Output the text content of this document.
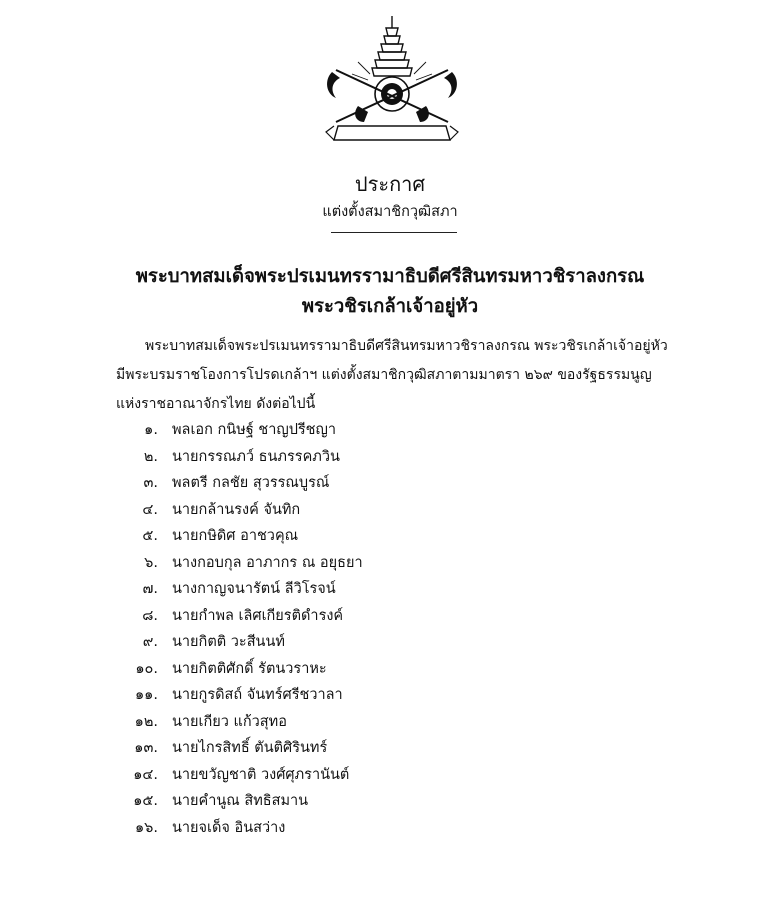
ประกาศ
แต่งตั้งสมาชิกวุฒิสภา
พระบาทสมเด็จพระปรเมนทรรามาธิบดีศรีสินทรมหาวชิราลงกรณ
พระวชิรเกล้าเจ้าอยู่หัว
พระบาทสมเด็จพระปรเมนทรรามาธิบดีศรีสินทรมหาวชิราลงกรณ พระวชิรเกล้าเจ้าอยู่หัว
มีพระบรมราชโองการโปรดเกล้าฯ แต่งตั้งสมาชิกวุฒิสภาตามมาตรา ๒๖๙ ของรัฐธรรมนูญ
แห่งราชอาณาจักรไทย ดังต่อไปนี้
๑. พลเอก กนิษฐ์ ชาญปรีชญา
๒. นายกรรณภว์ ธนภรรคภวิน
๓. พลตรี กลชัย สุวรรณบูรณ์
๔. นายกล้านรงค์ จันทิก
๕. นายกษิดิศ อาชวคุณ
๖. นางกอบกุล อาภากร ณ อยุธยา
๗. นางกาญจนารัตน์ ลีวิโรจน์
๘. นายกำพล เลิศเกียรติดำรงค์
๙. นายกิตติ วะสีนนท์
๑๐. นายกิตติศักดิ์ รัตนวราหะ
๑๑. นายกูรดิสถ์ จันทร์ศรีชวาลา
๑๒. นายเกียว แก้วสุทอ
๑๓. นายไกรสิทธิ์ ตันติศิรินทร์
๑๔. นายขวัญชาติ วงศ์ศุภรานันต์
๑๕. นายคำนูณ สิทธิสมาน
๑๖. นายจเด็จ อินสว่าง
